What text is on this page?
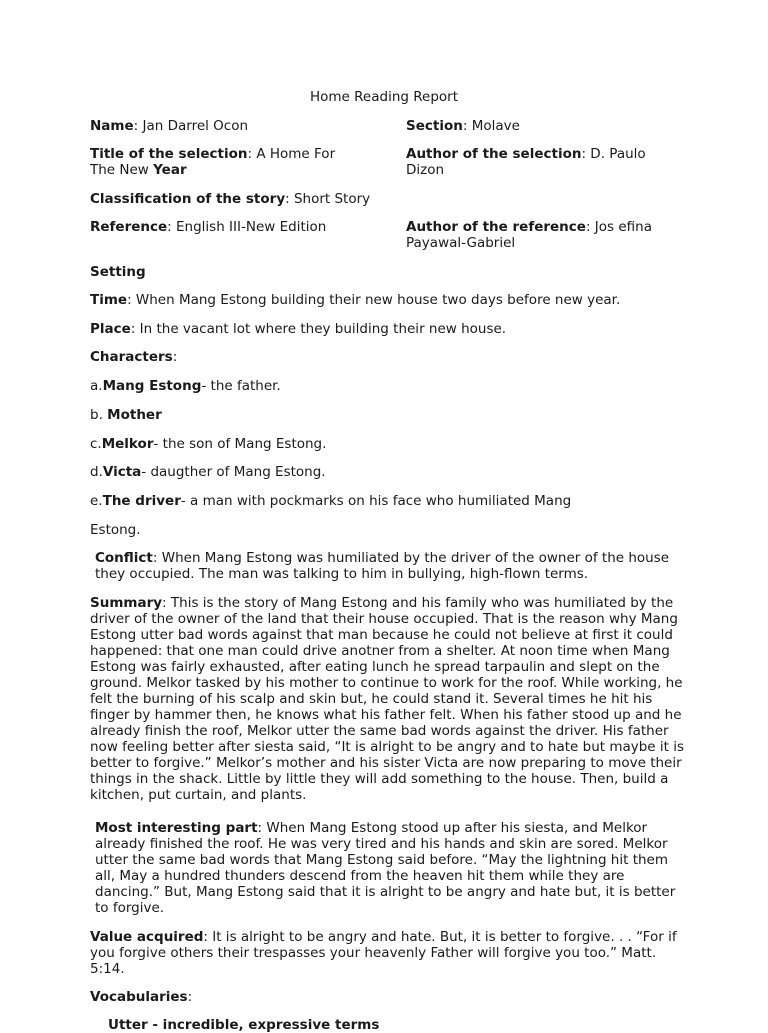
Home Reading Report
Name: Jan Darrel Ocon	Section: Molave
Title of the selection: A Home For
The New Year
Author of the selection: D. Paulo
Dizon
Classification of the story: Short Story
Reference: English III-New Edition	Author of the reference: Jos efina
Payawal-Gabriel
Setting
Time: When Mang Estong building their new house two days before new year.
Place: In the vacant lot where they building their new house.
Characters:
a.Mang Estong- the father.
b. Mother
c.Melkor- the son of Mang Estong.
d.Victa- daugther of Mang Estong.
e.The driver- a man with pockmarks on his face who humiliated Mang
Estong.
Conflict: When Mang Estong was humiliated by the driver of the owner of the house they occupied. The man was talking to him in bullying, high-flown terms.
Summary: This is the story of Mang Estong and his family who was humiliated by the driver of the owner of the land that their house occupied. That is the reason why Mang Estong utter bad words against that man because he could not believe at first it could happened: that one man could drive anotner from a shelter. At noon time when Mang Estong was fairly exhausted, after eating lunch he spread tarpaulin and slept on the ground. Melkor tasked by his mother to continue to work for the roof. While working, he felt the burning of his scalp and skin but, he could stand it. Several times he hit his finger by hammer then, he knows what his father felt. When his father stood up and he already finish the roof, Melkor utter the same bad words against the driver. His father now feeling better after siesta said, “It is alright to be angry and to hate but maybe it is better to forgive.” Melkor’s mother and his sister Victa are now preparing to move their things in the shack. Little by little they will add something to the house. Then, build a kitchen, put curtain, and plants.
Most interesting part: When Mang Estong stood up after his siesta, and Melkor already finished the roof. He was very tired and his hands and skin are sored. Melkor utter the same bad words that Mang Estong said before. “May the lightning hit them all, May a hundred thunders descend from the heaven hit them while they are dancing.” But, Mang Estong said that it is alright to be angry and hate but, it is better to forgive.
Value acquired: It is alright to be angry and hate. But, it is better to forgive. . . “For if you forgive others their trespasses your heavenly Father will forgive you too.” Matt. 5:14.
Vocabularies:
Utter - incredible, expressive terms
